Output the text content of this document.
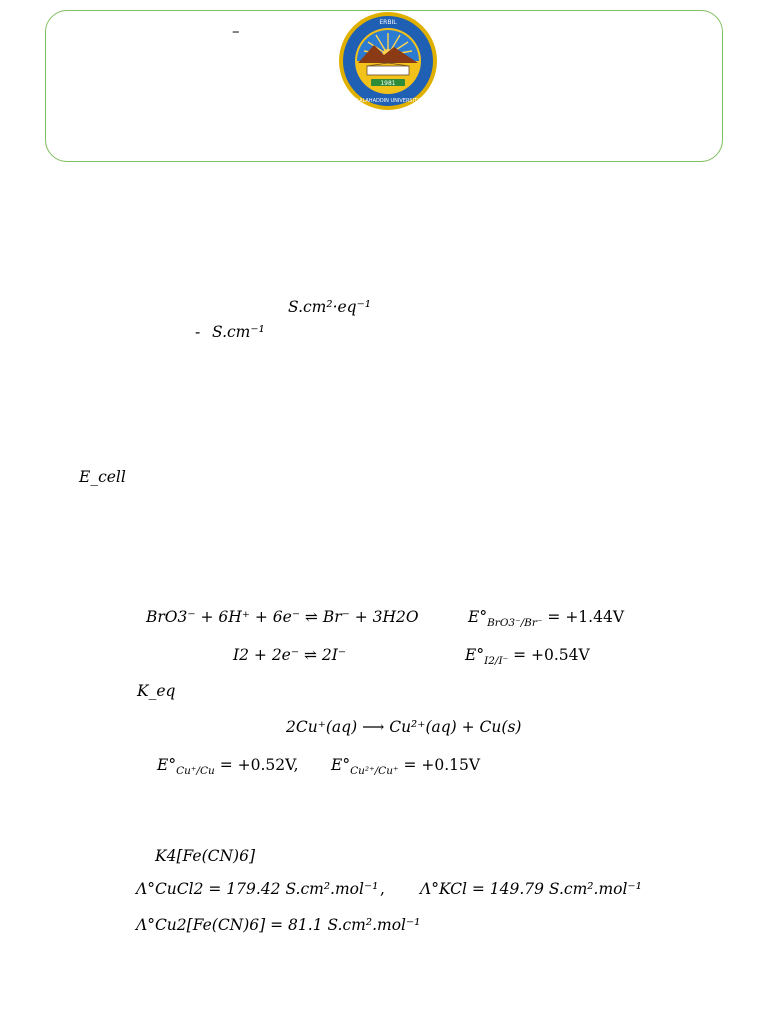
–
1981
ERBIL
SALAHADDIN UNIVERSITY
S.cm²·eq⁻¹
- S.cm⁻¹
E_cell
BrO3⁻ + 6H⁺ + 6e⁻ ⇌ Br⁻ + 3H2O	$E^\circ_{BrO3^-/Br^-} = +1.44V$
I2 + 2e⁻ ⇌ 2I⁻	$E^\circ_{I2/I^-} = +0.54V$
K_eq
2Cu⁺(aq) ⟶ Cu²⁺(aq) + Cu(s)
$E^\circ_{Cu^+/Cu} = +0.52V$, $E^\circ_{Cu^{2+}/Cu^+} = +0.15V$
K4[Fe(CN)6]
Λ°CuCl2 = 179.42 S.cm².mol⁻¹ , Λ°KCl = 149.79 S.cm².mol⁻¹
Λ°Cu2[Fe(CN)6] = 81.1 S.cm².mol⁻¹
